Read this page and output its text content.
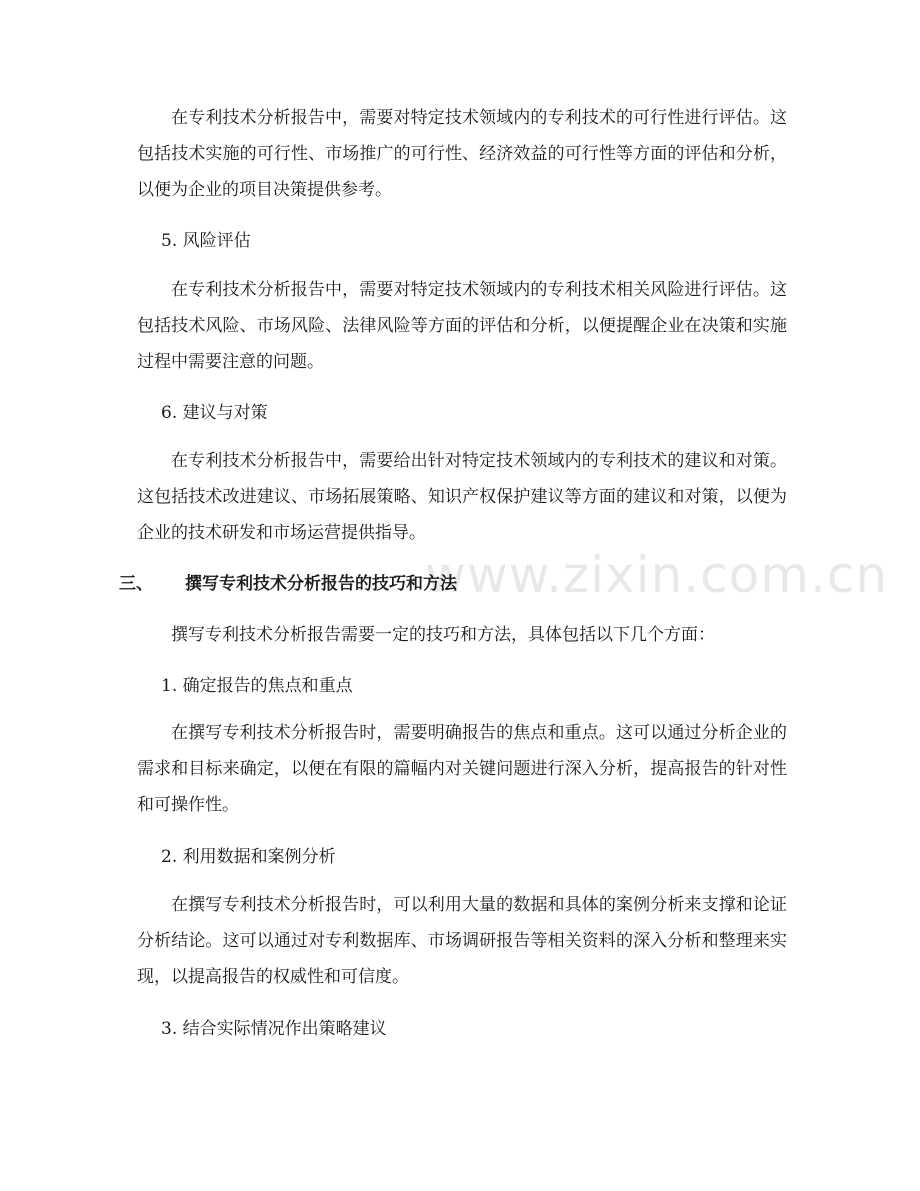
在专利技术分析报告中，需要对特定技术领域内的专利技术的可行性进行评估。这包括技术实施的可行性、市场推广的可行性、经济效益的可行性等方面的评估和分析，以便为企业的项目决策提供参考。

5. 风险评估

在专利技术分析报告中，需要对特定技术领域内的专利技术相关风险进行评估。这包括技术风险、市场风险、法律风险等方面的评估和分析，以便提醒企业在决策和实施过程中需要注意的问题。

6. 建议与对策

在专利技术分析报告中，需要给出针对特定技术领域内的专利技术的建议和对策。这包括技术改进建议、市场拓展策略、知识产权保护建议等方面的建议和对策，以便为企业的技术研发和市场运营提供指导。

三、 撰写专利技术分析报告的技巧和方法

撰写专利技术分析报告需要一定的技巧和方法，具体包括以下几个方面：

1. 确定报告的焦点和重点

在撰写专利技术分析报告时，需要明确报告的焦点和重点。这可以通过分析企业的需求和目标来确定，以便在有限的篇幅内对关键问题进行深入分析，提高报告的针对性和可操作性。

2. 利用数据和案例分析

在撰写专利技术分析报告时，可以利用大量的数据和具体的案例分析来支撑和论证分析结论。这可以通过对专利数据库、市场调研报告等相关资料的深入分析和整理来实现，以提高报告的权威性和可信度。

3. 结合实际情况作出策略建议

www.zixin.com.cn
